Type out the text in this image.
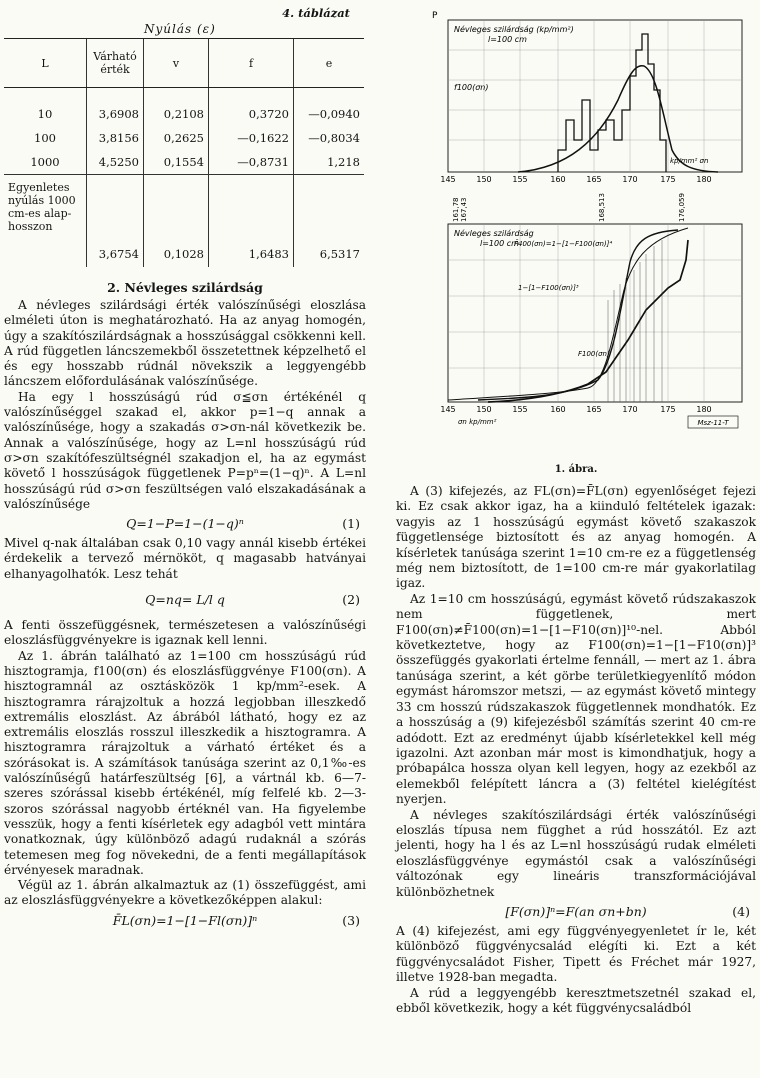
4. táblázat
Nyúlás (ε)
L	Várható érték	v	f	e
10	3,6908	0,2108	0,3720	—0,0940
100	3,8156	0,2625	—0,1622	—0,8034
1000	4,5250	0,1554	—0,8731	1,218
Egyenletes nyúlás 1000 cm-es alap-hosszon	3,6754	0,1028	1,6483	6,5317
2. Névleges szilárdság

A névleges szilárdsági érték valószínűségi eloszlása elméleti úton is meghatározható. Ha az anyag homogén, úgy a szakítószilárdságnak a hosszúsággal csökkenni kell. A rúd független láncszemekből összetettnek képzelhető el és egy hosszabb rúdnál növekszik a leggyengébb láncszem előfordulásának valószínűsége.

Ha egy l hosszúságú rúd σ≦σn értékénél q valószínűséggel szakad el, akkor p=1−q annak a valószínűsége, hogy a szakadás σ>σn-nál következik be. Annak a valószínűsége, hogy az L=nl hosszúságú rúd σ>σn szakítófeszültségnél szakadjon el, ha az egymást követő l hosszúságok függetlenek P=pⁿ=(1−q)ⁿ. A L=nl hosszúságú rúd σ>σn feszültségen való elszakadásának a valószínűsége

Q=1−P=1−(1−q)ⁿ	(1)

Mivel q-nak általában csak 0,10 vagy annál kisebb értékei érdekelik a tervező mérnököt, q magasabb hatványai elhanyagolhatók. Lesz tehát

Q=nq= L/l q	(2)

A fenti összefüggésnek, természetesen a valószínűségi eloszlásfüggvényekre is igaznak kell lenni.

Az 1. ábrán található az 1=100 cm hosszúságú rúd hisztogramja, f100(σn) és eloszlásfüggvénye F100(σn). A hisztogramnál az osztásközök 1 kp/mm²-esek. A hisztogramra rárajzoltuk a hozzá legjobban illeszkedő extremális eloszlást. Az ábrából látható, hogy ez az extremális eloszlás rosszul illeszkedik a hisztogramra. A hisztogramra rárajzoltuk a várható értéket és a szórásokat is. A számítások tanúsága szerint az 0,1‰-es valószínűségű határfeszültség [6], a vártnál kb. 6—7-szeres szórással kisebb értékénél, míg felfelé kb. 2—3-szoros szórással nagyobb értéknél van. Ha figyelembe vesszük, hogy a fenti kísérletek egy adagból vett mintára vonatkoznak, úgy különböző adagú rudaknál a szórás tetemesen meg fog növekedni, de a fenti megállapítások érvényesek maradnak.

Végül az 1. ábrán alkalmaztuk az (1) összefüggést, ami az eloszlásfüggvényekre a következőképpen alakul:

F̄L(σn)=1−[1−Fl(σn)]ⁿ	(3)
Névleges szilárdság (kp/mm²)
l=100 cm
f100(σn)
kp/mm² σn
P
145	150	155	160	165	170	175	180
161,78 167,43	168,513	176,059
F̄400(σn)=1−[1−F100(σn)]⁴
1−[1−F100(σn)]³
F100(σn)
Névleges szilárdság
l=100 cm
145	150	155	160	165	170	175	180
σn kp/mm²	Msz-11-T
1. ábra.

A (3) kifejezés, az FL(σn)=F̄L(σn) egyenlőséget fejezi ki. Ez csak akkor igaz, ha a kiinduló feltételek igazak: vagyis az 1 hosszúságú egymást követő szakaszok függetlensége biztosított és az anyag homogén. A kísérletek tanúsága szerint 1=10 cm-re ez a függetlenség még nem biztosított, de 1=100 cm-re már gyakorlatilag igaz.

Az 1=10 cm hosszúságú, egymást követő rúdszakaszok nem függetlenek, mert F100(σn)≠F̄100(σn)=1−[1−F10(σn)]¹⁰-nel. Abból következtetve, hogy az F100(σn)=1−[1−F10(σn)]³ összefüggés gyakorlati értelme fennáll, — mert az 1. ábra tanúsága szerint, a két görbe területkiegyenlítő módon egymást háromszor metszi, — az egymást követő mintegy 33 cm hosszú rúdszakaszok függetlennek mondhatók. Ez a hosszúság a (9) kifejezésből számítás szerint 40 cm-re adódott. Ezt az eredményt újabb kísérletekkel kell még igazolni. Azt azonban már most is kimondhatjuk, hogy a próbapálca hossza olyan kell legyen, hogy az ezekből az elemekből felépített láncra a (3) feltétel kielégítést nyerjen.

A névleges szakítószilárdsági érték valószínűségi eloszlás típusa nem függhet a rúd hosszától. Ez azt jelenti, hogy ha l és az L=nl hosszúságú rudak elméleti eloszlásfüggvénye egymástól csak a valószínűségi változónak egy lineáris transzformációjával különbözhetnek

[F(σn)]ⁿ=F(an σn+bn)	(4)

A (4) kifejezést, ami egy függvényegyenletet ír le, két különböző függvénycsalád elégíti ki. Ezt a két függvénycsaládot Fisher, Tipett és Fréchet már 1927, illetve 1928-ban megadta.

A rúd a leggyengébb keresztmetszetnél szakad el, ebből következik, hogy a két függvénycsaládból
